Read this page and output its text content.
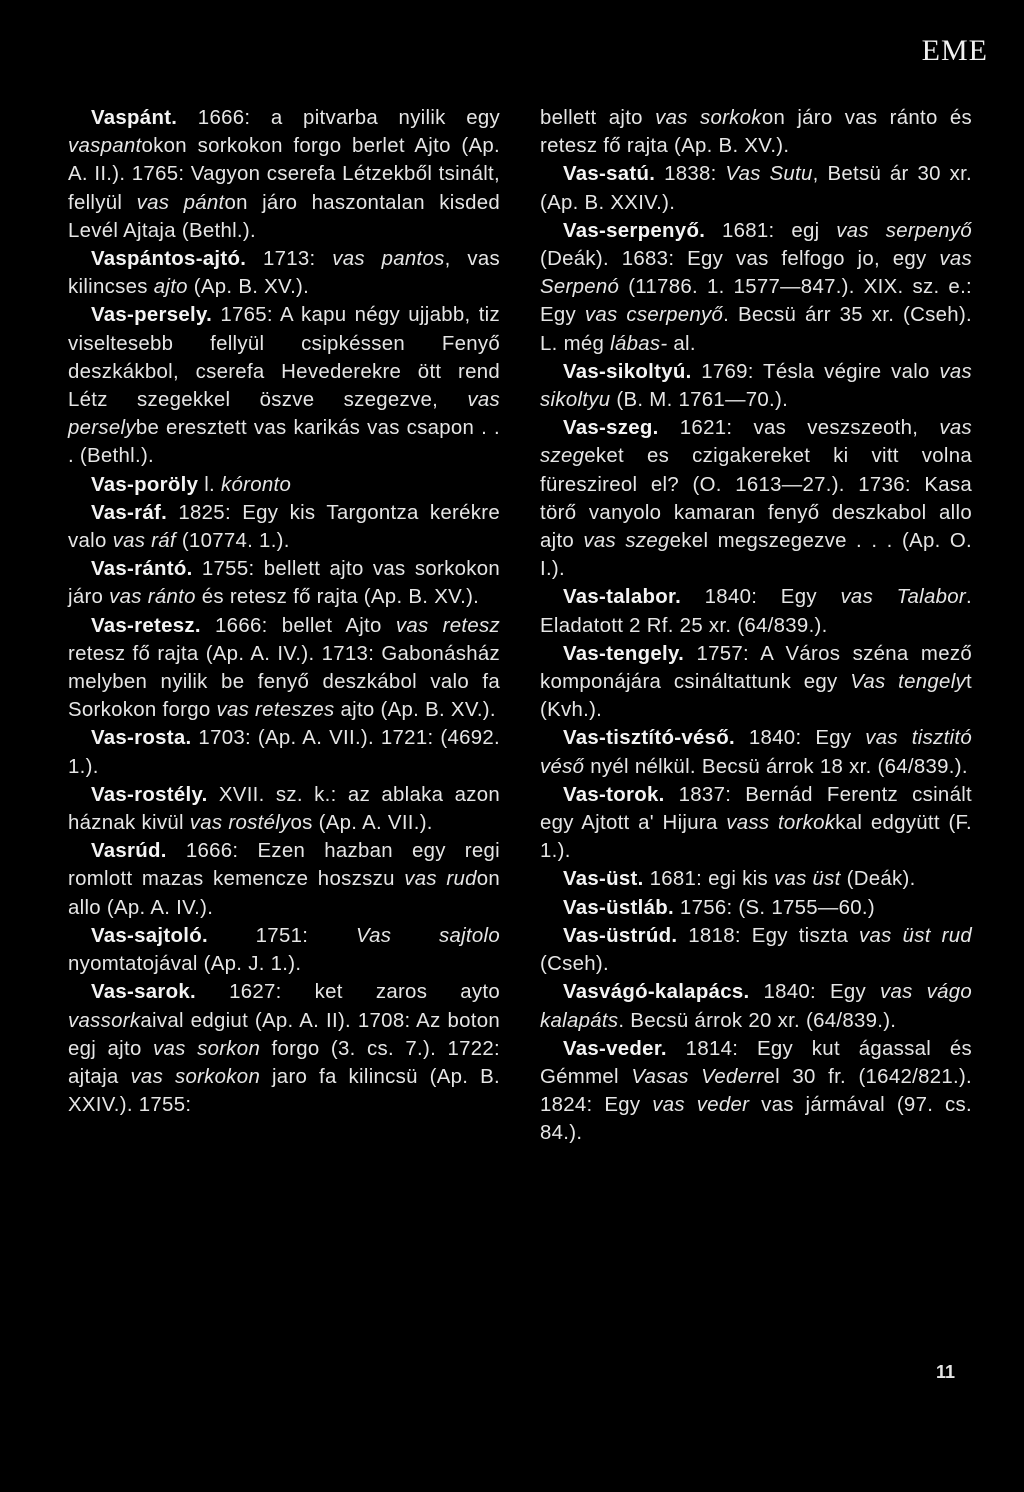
EME

Vaspánt. 1666: a pitvarba nyilik egy vaspantokon sorkokon forgo berlet Ajto (Ap. A. II.). 1765: Vagyon cserefa Létzekből tsinált, fellyül vas pánton járo haszontalan kisded Levél Ajtaja (Bethl.).

Vaspántos-ajtó. 1713: vas pantos, vas kilincses ajto (Ap. B. XV.).

Vas-persely. 1765: A kapu négy ujjabb, tiz viseltesebb fellyül csipkéssen Fenyő deszkákbol, cserefa Hevederekre ött rend Létz szegekkel öszve szegezve, vas perselybe eresztett vas karikás vas csapon . . . (Bethl.).

Vas-poröly l. kóronto

Vas-ráf. 1825: Egy kis Targontza kerékre valo vas ráf (10774. 1.).

Vas-rántó. 1755: bellett ajto vas sorkokon járo vas ránto és retesz fő rajta (Ap. B. XV.).

Vas-retesz. 1666: bellet Ajto vas retesz retesz fő rajta (Ap. A. IV.). 1713: Gabonásház melyben nyilik be fenyő deszkábol valo fa Sorkokon forgo vas reteszes ajto (Ap. B. XV.).

Vas-rosta. 1703: (Ap. A. VII.). 1721: (4692. 1.).

Vas-rostély. XVII. sz. k.: az ablaka azon háznak kivül vas rostélyos (Ap. A. VII.).

Vasrúd. 1666: Ezen hazban egy regi romlott mazas kemencze hoszszu vas rudon allo (Ap. A. IV.).

Vas-sajtoló. 1751: Vas sajtolo nyomtatojával (Ap. J. 1.).

Vas-sarok. 1627: ket zaros ayto vassorkaival edgiut (Ap. A. II). 1708: Az boton egj ajto vas sorkon forgo (3. cs. 7.). 1722: ajtaja vas sorkokon jaro fa kilincsü (Ap. B. XXIV.). 1755:

bellett ajto vas sorkokon járo vas ránto és retesz fő rajta (Ap. B. XV.).

Vas-satú. 1838: Vas Sutu, Betsü ár 30 xr. (Ap. B. XXIV.).

Vas-serpenyő. 1681: egj vas serpenyő (Deák). 1683: Egy vas felfogo jo, egy vas Serpenó (11786. 1. 1577—847.). XIX. sz. e.: Egy vas cserpenyő. Becsü árr 35 xr. (Cseh). L. még lábas- al.

Vas-sikoltyú. 1769: Tésla végire valo vas sikoltyu (B. M. 1761—70.).

Vas-szeg. 1621: vas veszszeoth, vas szegeket es czigakereket ki vitt volna füreszireol el? (O. 1613—27.). 1736: Kasa törő vanyolo kamaran fenyő deszkabol allo ajto vas szegekel megszegezve . . . (Ap. O. I.).

Vas-talabor. 1840: Egy vas Talabor. Eladatott 2 Rf. 25 xr. (64/839.).

Vas-tengely. 1757: A Város széna mező komponájára csináltattunk egy Vas tengelyt (Kvh.).

Vas-tisztító-véső. 1840: Egy vas tisztitó véső nyél nélkül. Becsü árrok 18 xr. (64/839.).

Vas-torok. 1837: Bernád Ferentz csinált egy Ajtott a' Hijura vass torkokkal edgyütt (F. 1.).

Vas-üst. 1681: egi kis vas üst (Deák).

Vas-üstláb. 1756: (S. 1755—60.)

Vas-üstrúd. 1818: Egy tiszta vas üst rud (Cseh).

Vasvágó-kalapács. 1840: Egy vas vágo kalapáts. Becsü árrok 20 xr. (64/839.).

Vas-veder. 1814: Egy kut ágassal és Gémmel Vasas Vederrel 30 fr. (1642/821.). 1824: Egy vas veder vas jármával (97. cs. 84.).

11
